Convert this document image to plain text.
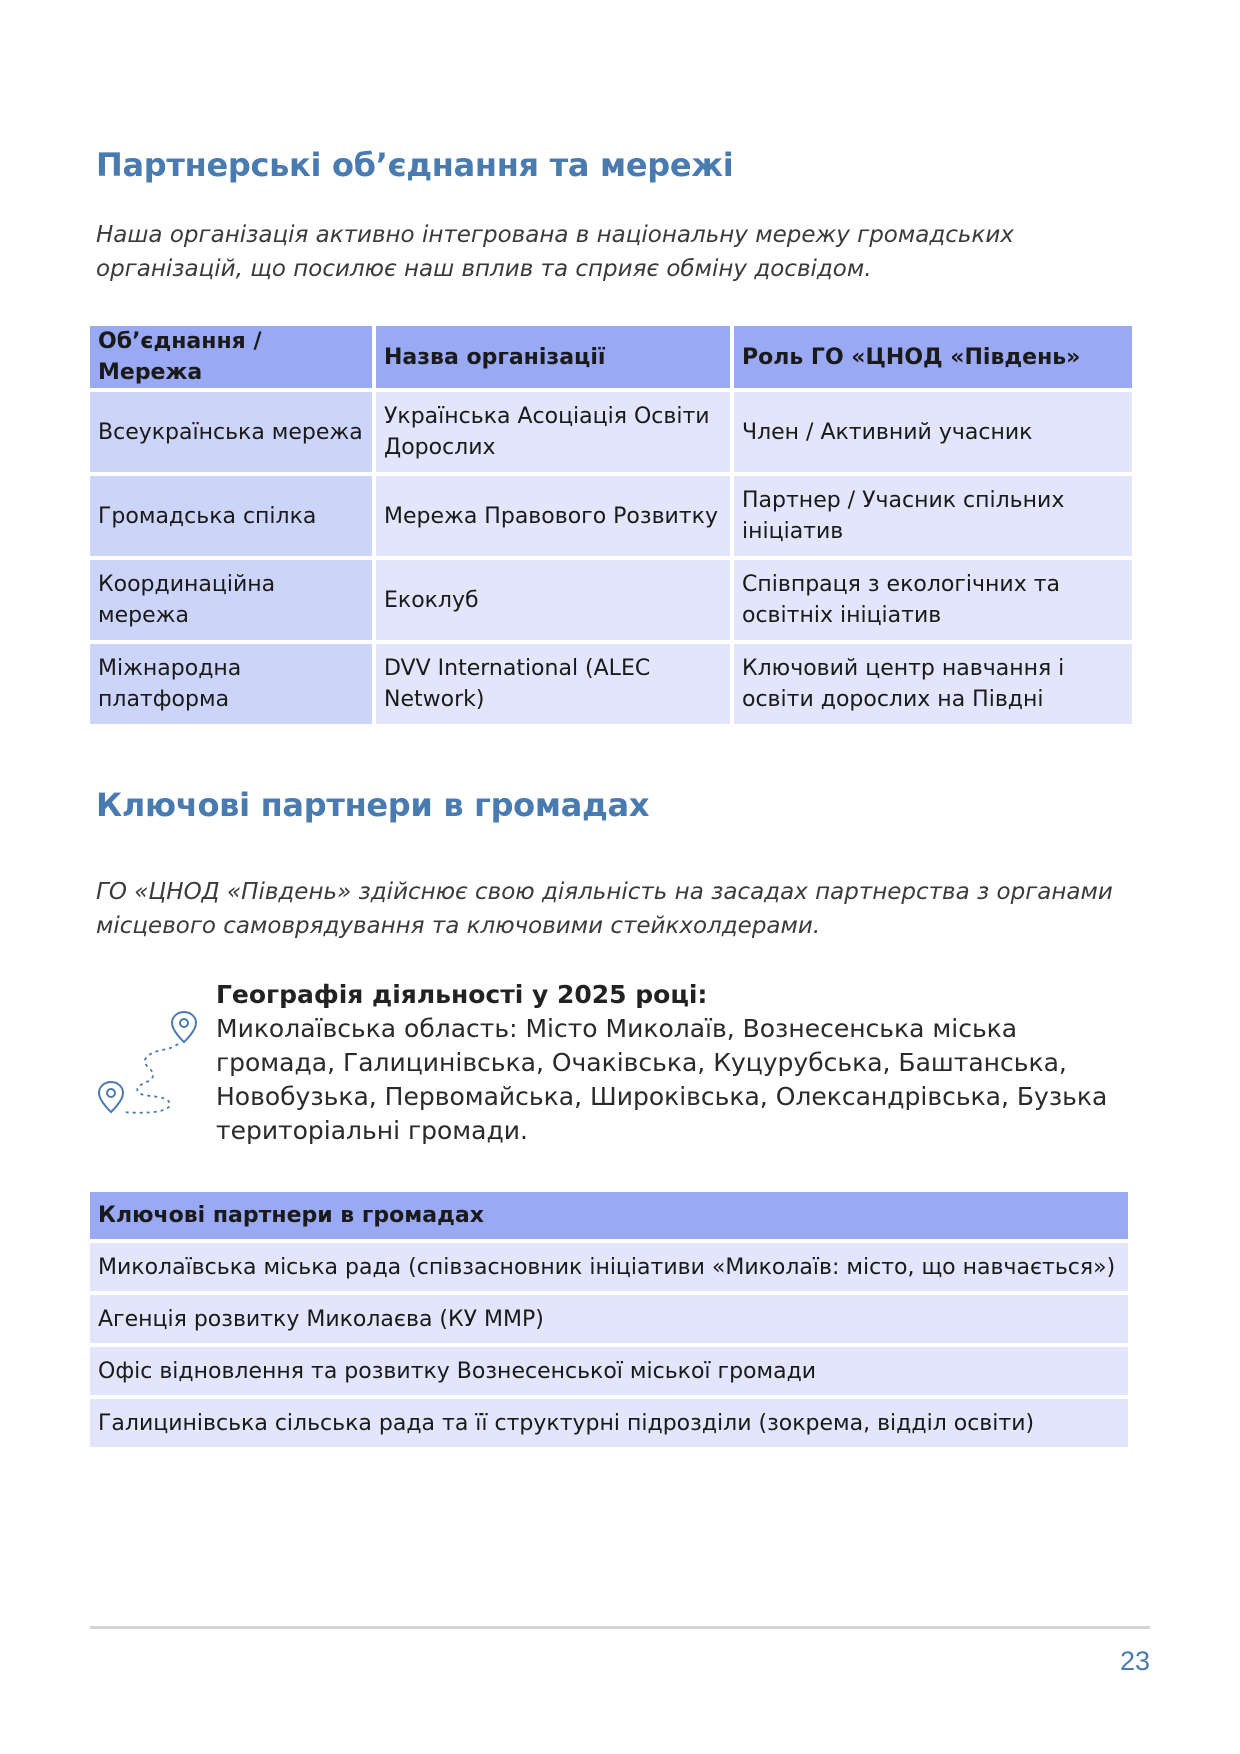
Партнерські об’єднання та мережі

Наша організація активно інтегрована в національну мережу громадських організацій, що посилює наш вплив та сприяє обміну досвідом.

Об’єднання / Мережа	Назва організації	Роль ГО «ЦНОД «Південь»
Всеукраїнська мережа	Українська Асоціація Освіти Дорослих	Член / Активний учасник
Громадська спілка	Мережа Правового Розвитку	Партнер / Учасник спільних ініціатив
Координаційна мережа	Екоклуб	Співпраця з екологічних та освітніх ініціатив
Міжнародна платформа	DVV International (ALEC Network)	Ключовий центр навчання і освіти дорослих на Півдні
Ключові партнери в громадах

ГО «ЦНОД «Південь» здійснює свою діяльність на засадах партнерства з органами місцевого самоврядування та ключовими стейкхолдерами.

Географія діяльності у 2025 році:
Миколаївська область: Місто Миколаїв, Вознесенська міська громада, Галицинівська, Очаківська, Куцурубська, Баштанська, Новобузька, Первомайська, Широківська, Олександрівська, Бузька територіальні громади.
Ключові партнери в громадах
Миколаївська міська рада (співзасновник ініціативи «Миколаїв: місто, що навчається»)
Агенція розвитку Миколаєва (КУ ММР)
Офіс відновлення та розвитку Вознесенської міської громади
Галицинівська сільська рада та її структурні підрозділи (зокрема, відділ освіти)
23
